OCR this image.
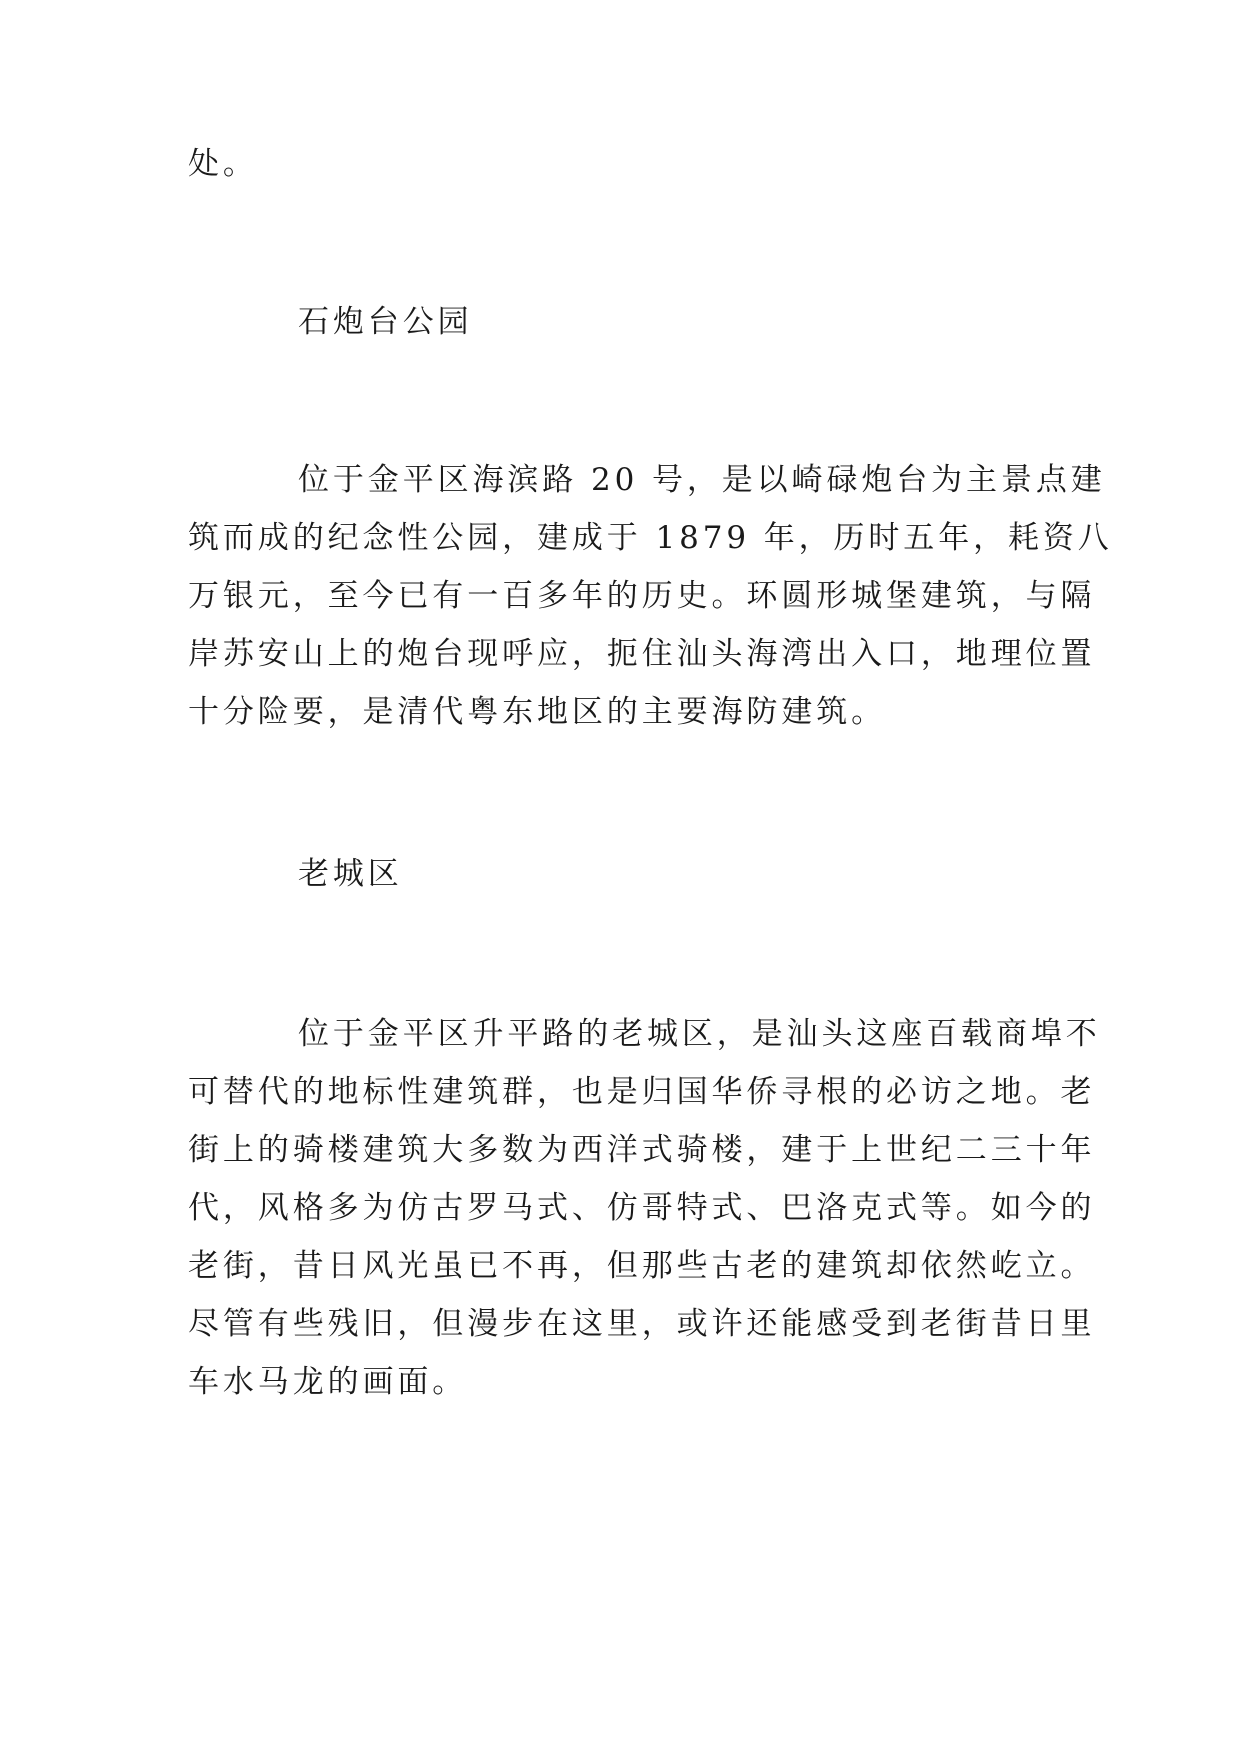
处。

石炮台公园

位于金平区海滨路 20 号，是以崎碌炮台为主景点建

筑而成的纪念性公园，建成于 1879 年，历时五年，耗资八

万银元，至今已有一百多年的历史。环圆形城堡建筑，与隔

岸苏安山上的炮台现呼应，扼住汕头海湾出入口，地理位置

十分险要，是清代粤东地区的主要海防建筑。

老城区

位于金平区升平路的老城区，是汕头这座百载商埠不

可替代的地标性建筑群，也是归国华侨寻根的必访之地。老

街上的骑楼建筑大多数为西洋式骑楼，建于上世纪二三十年

代，风格多为仿古罗马式、仿哥特式、巴洛克式等。如今的

老街，昔日风光虽已不再，但那些古老的建筑却依然屹立。

尽管有些残旧，但漫步在这里，或许还能感受到老街昔日里

车水马龙的画面。
